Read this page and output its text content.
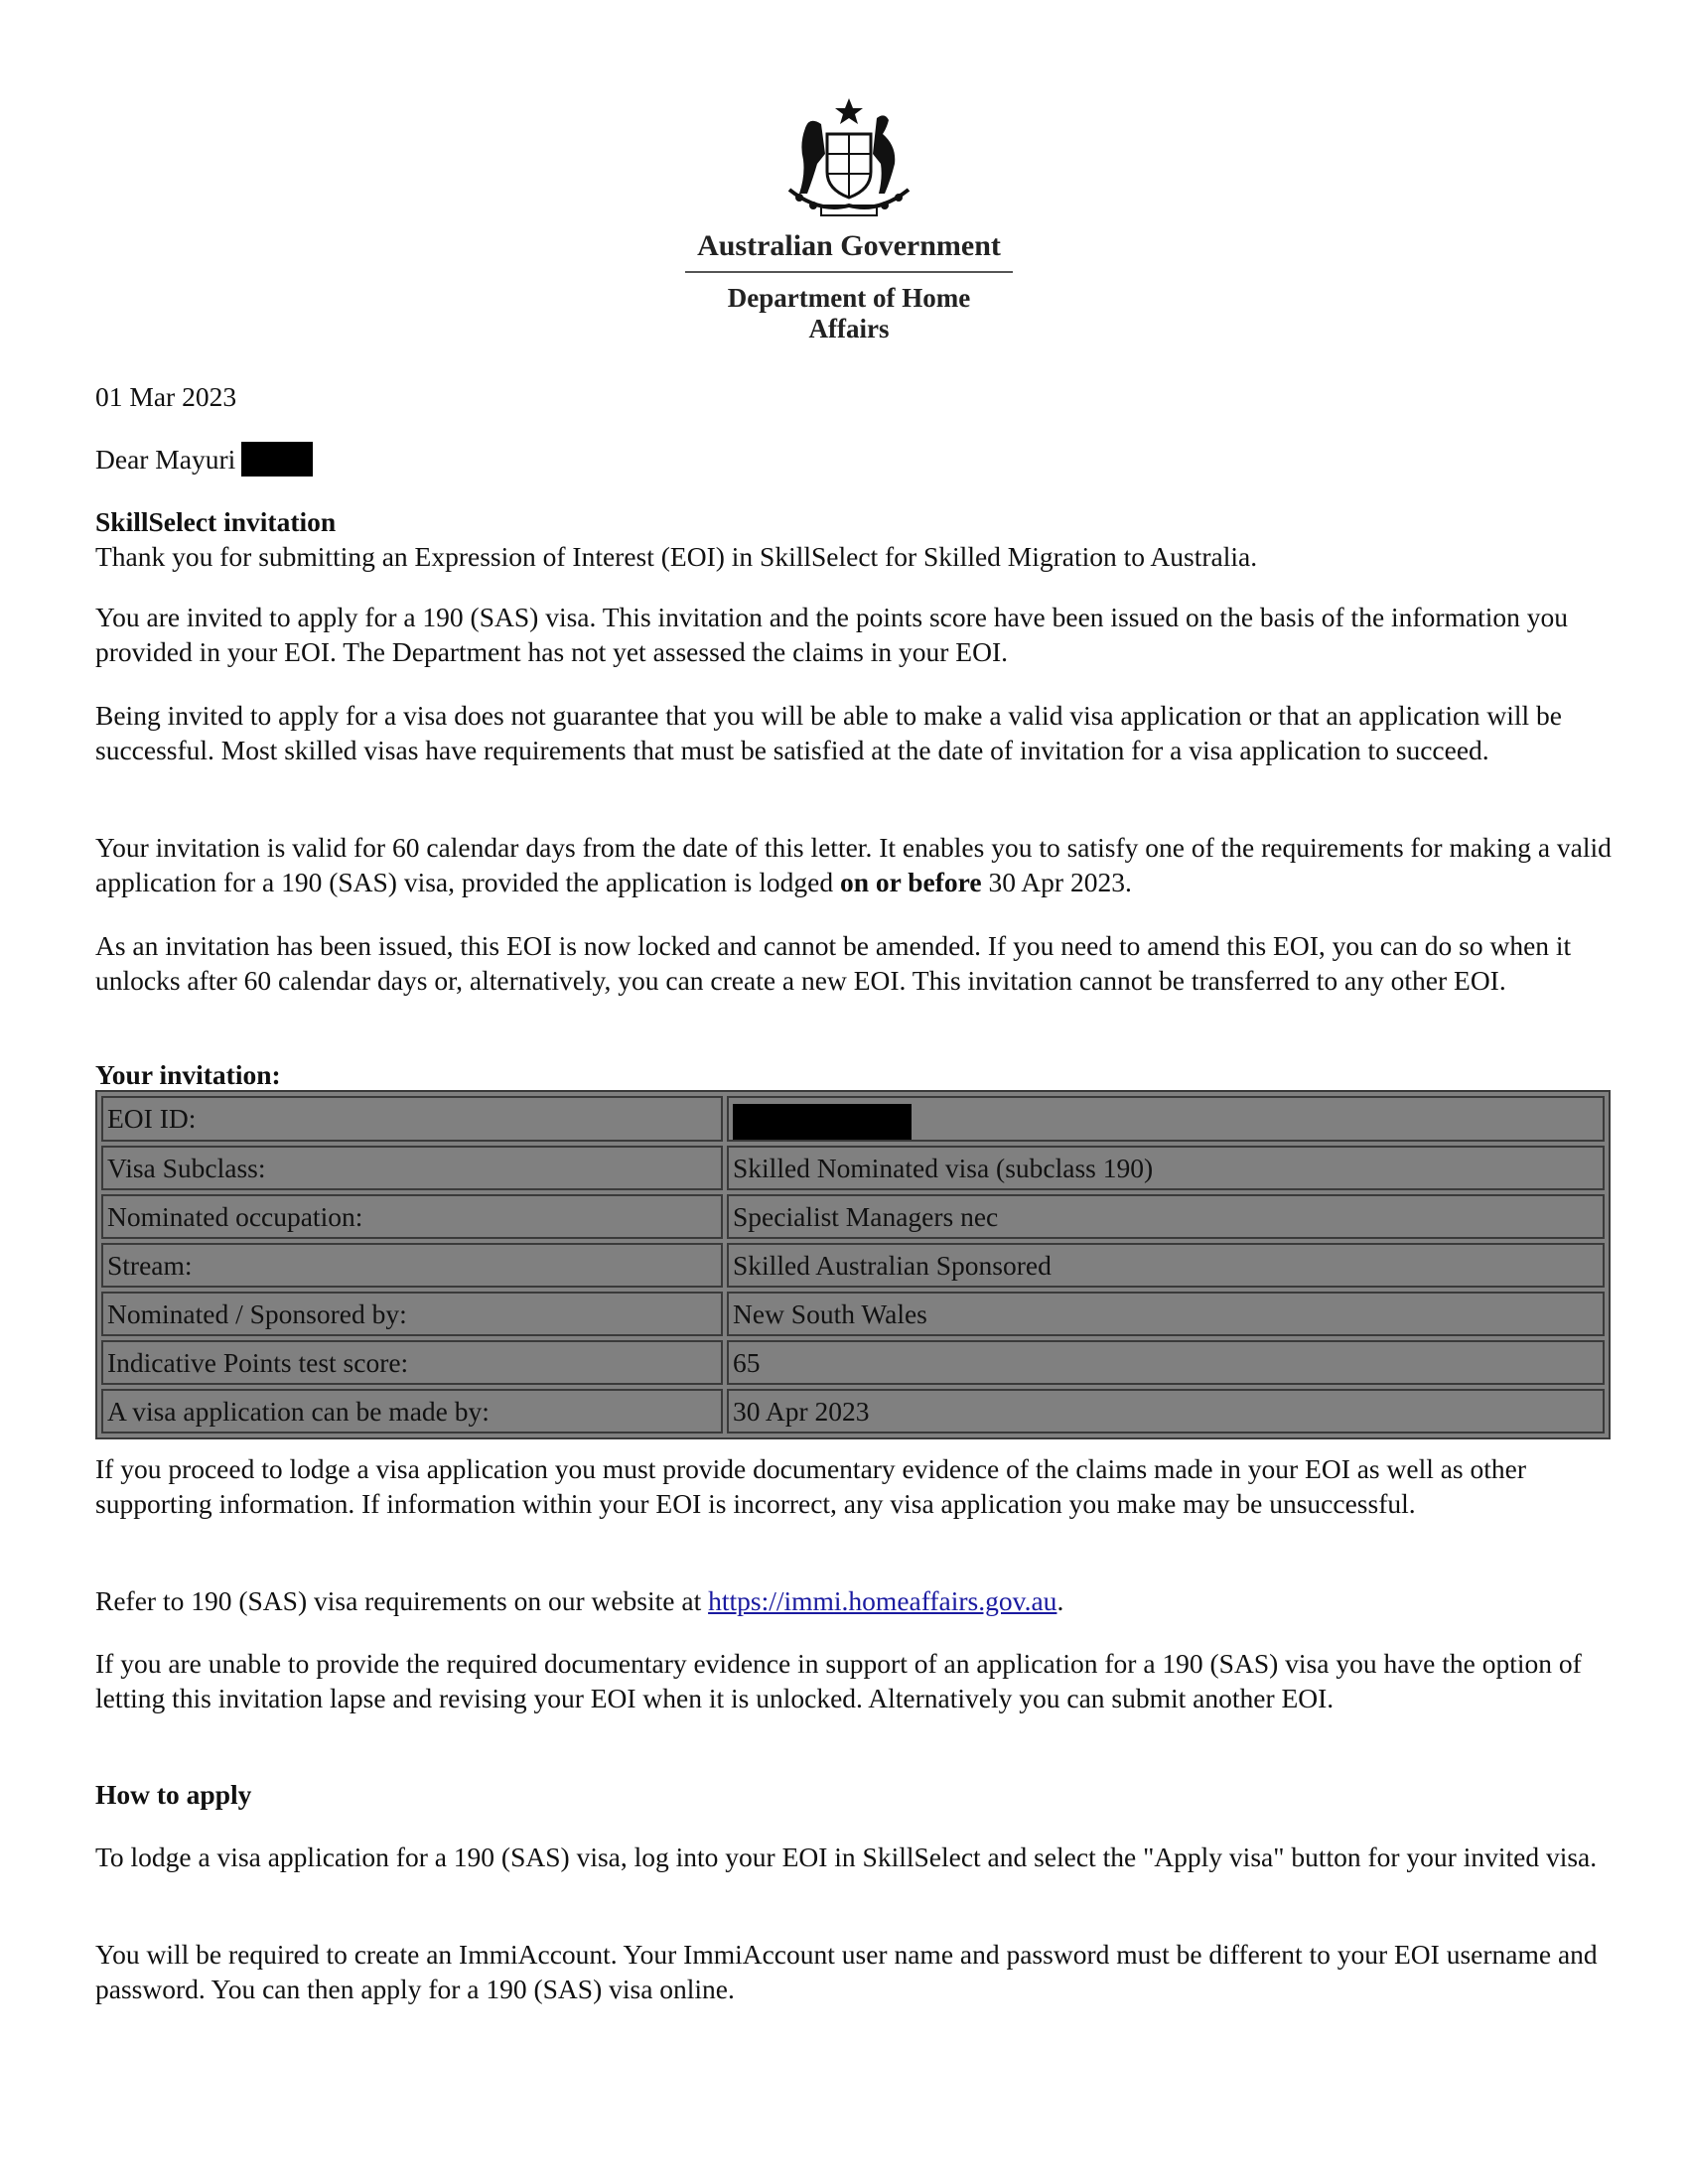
Australian Government
Department of Home Affairs
01 Mar 2023
Dear Mayuri

SkillSelect invitation

Thank you for submitting an Expression of Interest (EOI) in SkillSelect for Skilled Migration to Australia.

You are invited to apply for a 190 (SAS) visa. This invitation and the points score have been issued on the basis of the information you provided in your EOI. The Department has not yet assessed the claims in your EOI.

Being invited to apply for a visa does not guarantee that you will be able to make a valid visa application or that an application will be successful. Most skilled visas have requirements that must be satisfied at the date of invitation for a visa application to succeed.

Your invitation is valid for 60 calendar days from the date of this letter. It enables you to satisfy one of the requirements for making a valid application for a 190 (SAS) visa, provided the application is lodged on or before 30 Apr 2023.

As an invitation has been issued, this EOI is now locked and cannot be amended. If you need to amend this EOI, you can do so when it unlocks after 60 calendar days or, alternatively, you can create a new EOI. This invitation cannot be transferred to any other EOI.

Your invitation:

EOI ID:	
Visa Subclass:	Skilled Nominated visa (subclass 190)
Nominated occupation:	Specialist Managers nec
Stream:	Skilled Australian Sponsored
Nominated / Sponsored by:	New South Wales
Indicative Points test score:	65
A visa application can be made by:	30 Apr 2023

If you proceed to lodge a visa application you must provide documentary evidence of the claims made in your EOI as well as other supporting information. If information within your EOI is incorrect, any visa application you make may be unsuccessful.

Refer to 190 (SAS) visa requirements on our website at https://immi.homeaffairs.gov.au.

If you are unable to provide the required documentary evidence in support of an application for a 190 (SAS) visa you have the option of letting this invitation lapse and revising your EOI when it is unlocked. Alternatively you can submit another EOI.

How to apply

To lodge a visa application for a 190 (SAS) visa, log into your EOI in SkillSelect and select the "Apply visa" button for your invited visa.

You will be required to create an ImmiAccount. Your ImmiAccount user name and password must be different to your EOI username and password. You can then apply for a 190 (SAS) visa online.
